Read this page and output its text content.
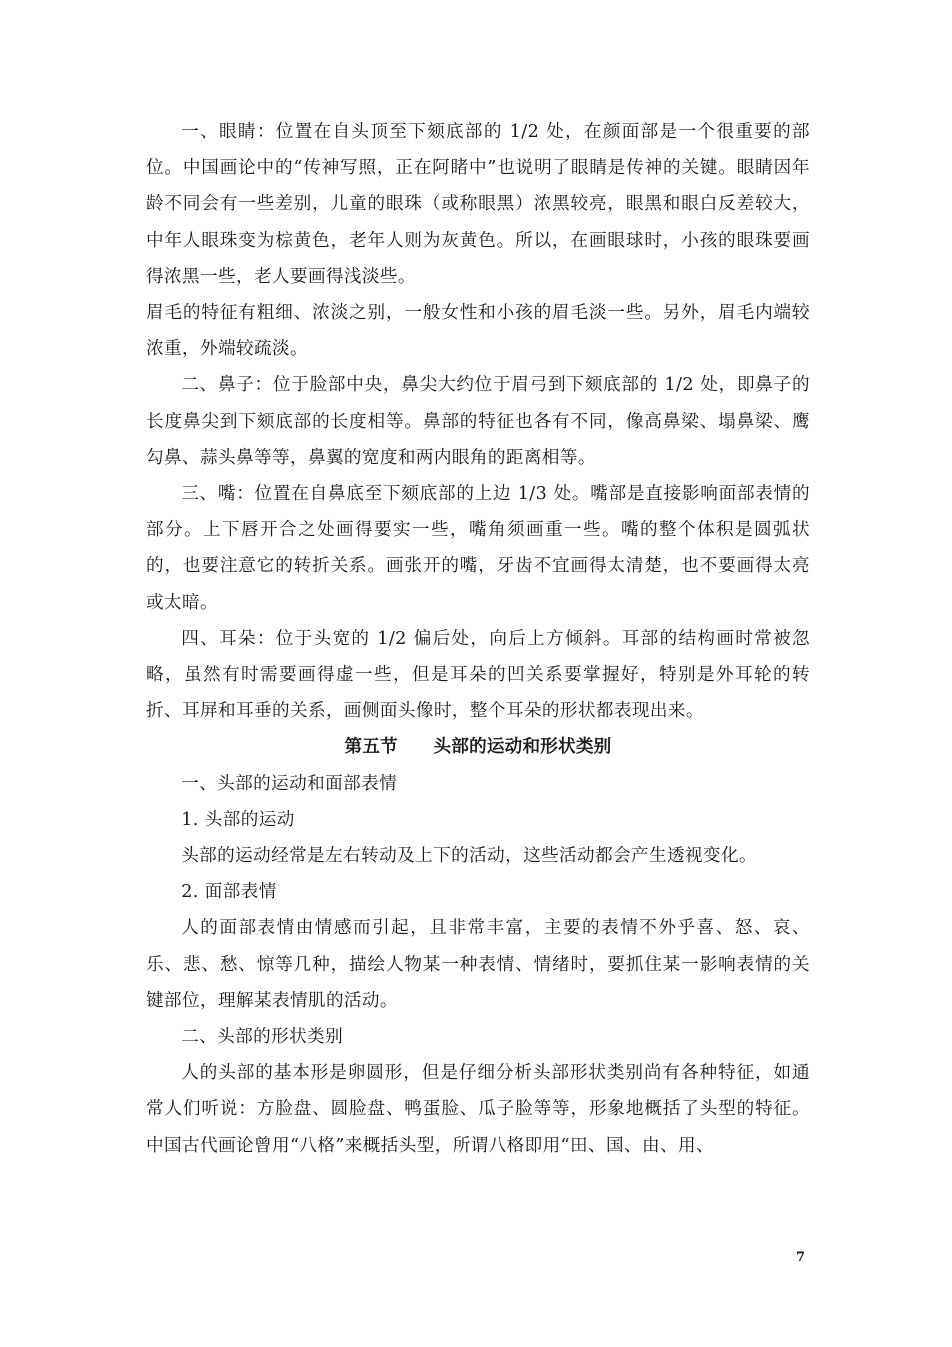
一、眼睛：位置在自头顶至下颏底部的 1/2 处，在颜面部是一个很重要的部位。中国画论中的“传神写照，正在阿睹中”也说明了眼睛是传神的关键。眼睛因年龄不同会有一些差别，儿童的眼珠（或称眼黑）浓黑较亮，眼黑和眼白反差较大，中年人眼珠变为棕黄色，老年人则为灰黄色。所以，在画眼球时，小孩的眼珠要画得浓黑一些，老人要画得浅淡些。

眉毛的特征有粗细、浓淡之别，一般女性和小孩的眉毛淡一些。另外，眉毛内端较浓重，外端较疏淡。

二、鼻子：位于脸部中央，鼻尖大约位于眉弓到下颏底部的 1/2 处，即鼻子的长度鼻尖到下颏底部的长度相等。鼻部的特征也各有不同，像高鼻梁、塌鼻梁、鹰勾鼻、蒜头鼻等等，鼻翼的宽度和两内眼角的距离相等。

三、嘴：位置在自鼻底至下颏底部的上边 1/3 处。嘴部是直接影响面部表情的部分。上下唇开合之处画得要实一些，嘴角须画重一些。嘴的整个体积是圆弧状的，也要注意它的转折关系。画张开的嘴，牙齿不宜画得太清楚，也不要画得太亮或太暗。

四、耳朵：位于头宽的 1/2 偏后处，向后上方倾斜。耳部的结构画时常被忽略，虽然有时需要画得虚一些，但是耳朵的凹关系要掌握好，特别是外耳轮的转折、耳屏和耳垂的关系，画侧面头像时，整个耳朵的形状都表现出来。

第五节　　头部的运动和形状类别

一、头部的运动和面部表情

1. 头部的运动

头部的运动经常是左右转动及上下的活动，这些活动都会产生透视变化。

2. 面部表情

人的面部表情由情感而引起，且非常丰富，主要的表情不外乎喜、怒、哀、乐、悲、愁、惊等几种，描绘人物某一种表情、情绪时，要抓住某一影响表情的关键部位，理解某表情肌的活动。

二、头部的形状类别

人的头部的基本形是卵圆形，但是仔细分析头部形状类别尚有各种特征，如通常人们听说：方脸盘、圆脸盘、鸭蛋脸、瓜子脸等等，形象地概括了头型的特征。中国古代画论曾用“八格”来概括头型，所谓八格即用“田、国、由、用、

7
